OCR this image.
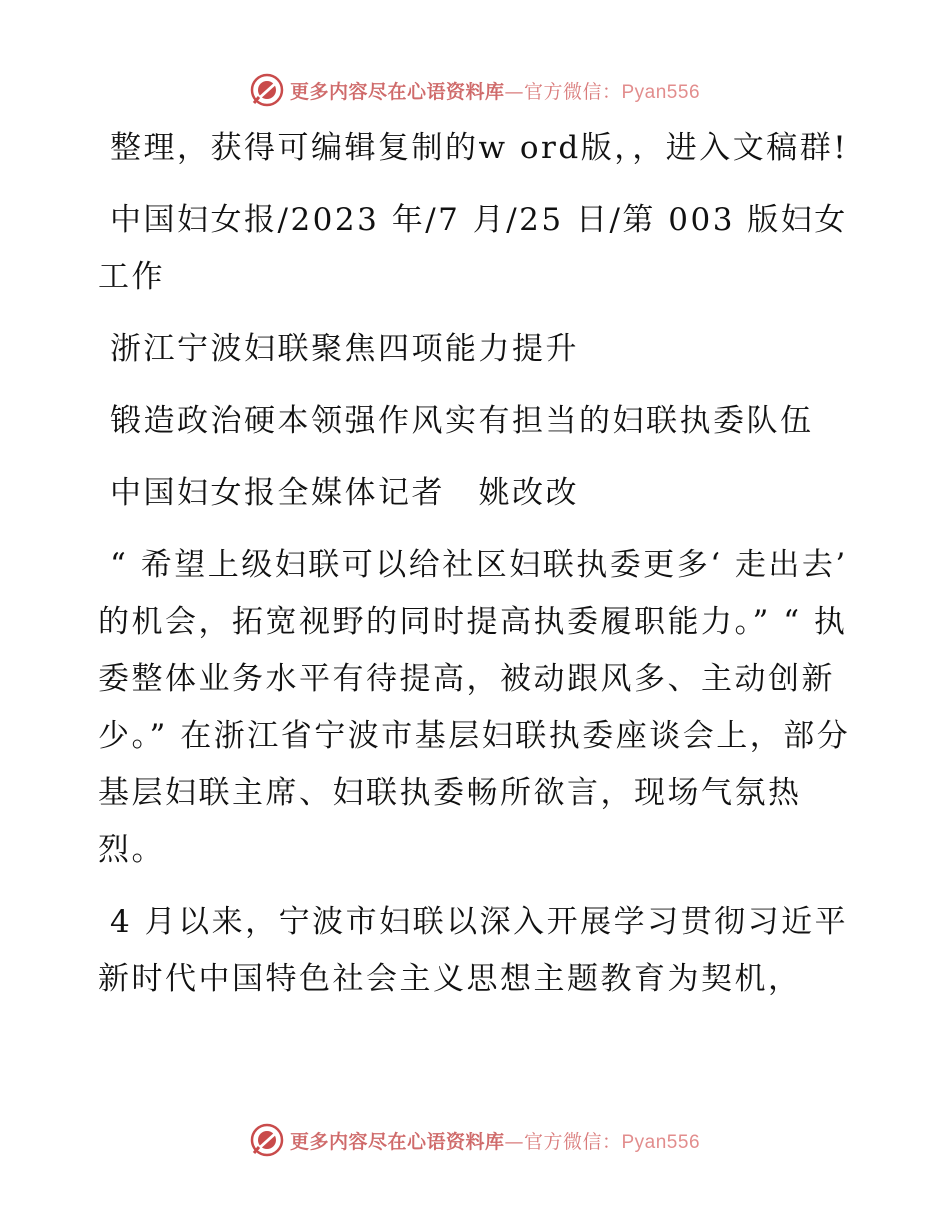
更多内容尽在心语资料库—官方微信：Pyan556

整理，获得可编辑复制的w ord版，，进入文稿群!

中国妇女报/2023 年/7 月/25 日/第 003 版妇女工作

浙江宁波妇联聚焦四项能力提升

锻造政治硬本领强作风实有担当的妇联执委队伍

中国妇女报全媒体记者　姚改改

“ 希望上级妇联可以给社区妇联执委更多‘ 走出去’ 的机会，拓宽视野的同时提高执委履职能力。” “ 执委整体业务水平有待提高，被动跟风多、主动创新少。” 在浙江省宁波市基层妇联执委座谈会上，部分基层妇联主席、妇联执委畅所欲言，现场气氛热烈。

4 月以来，宁波市妇联以深入开展学习贯彻习近平新时代中国特色社会主义思想主题教育为契机，

更多内容尽在心语资料库—官方微信：Pyan556
